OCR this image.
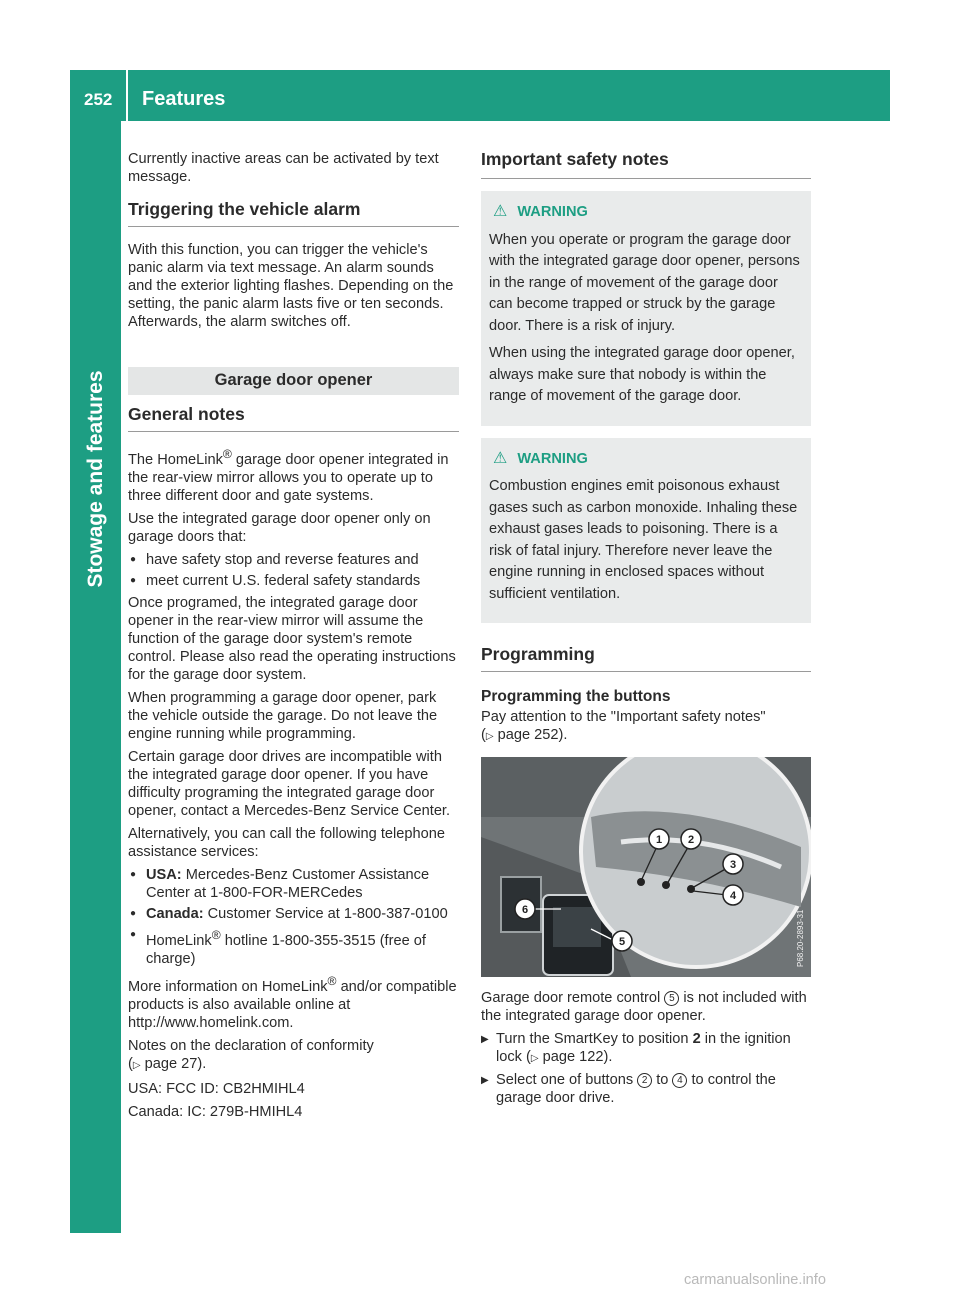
252 Features
Stowage and features

Currently inactive areas can be activated by text message.

Triggering the vehicle alarm

With this function, you can trigger the vehicle's panic alarm via text message. An alarm sounds and the exterior lighting flashes. Depending on the setting, the panic alarm lasts five or ten seconds. Afterwards, the alarm switches off.

Garage door opener
General notes

The HomeLink® garage door opener integrated in the rear-view mirror allows you to operate up to three different door and gate systems.

Use the integrated garage door opener only on garage doors that:

● have safety stop and reverse features and
● meet current U.S. federal safety standards

Once programed, the integrated garage door opener in the rear-view mirror will assume the function of the garage door system's remote control. Please also read the operating instructions for the garage door system.

When programming a garage door opener, park the vehicle outside the garage. Do not leave the engine running while programming.

Certain garage door drives are incompatible with the integrated garage door opener. If you have difficulty programing the integrated garage door opener, contact a Mercedes-Benz Service Center.

Alternatively, you can call the following telephone assistance services:

● USA: Mercedes-Benz Customer Assistance Center at 1-800-FOR-MERCedes
● Canada: Customer Service at 1-800-387-0100
● HomeLink® hotline 1-800-355-3515 (free of charge)

More information on HomeLink® and/or compatible products is also available online at http://www.homelink.com.

Notes on the declaration of conformity
(▷ page 27).

USA: FCC ID: CB2HMIHL4

Canada: IC: 279B-HMIHL4

Important safety notes
⚠ WARNING

When you operate or program the garage door with the integrated garage door opener, persons in the range of movement of the garage door can become trapped or struck by the garage door. There is a risk of injury.

When using the integrated garage door opener, always make sure that nobody is within the range of movement of the garage door.

⚠ WARNING

Combustion engines emit poisonous exhaust gases such as carbon monoxide. Inhaling these exhaust gases leads to poisoning. There is a risk of fatal injury. Therefore never leave the engine running in enclosed spaces without sufficient ventilation.

Programming
Programming the buttons

Pay attention to the "Important safety notes"
(▷ page 252).

1 2
3
4
5
6	P68.20-2893-31

Garage door remote control 5 is not included with the integrated garage door opener.

▶ Turn the SmartKey to position 2 in the ignition lock (▷ page 122).
▶ Select one of buttons 2 to 4 to control the garage door drive.
carmanualsonline.info
